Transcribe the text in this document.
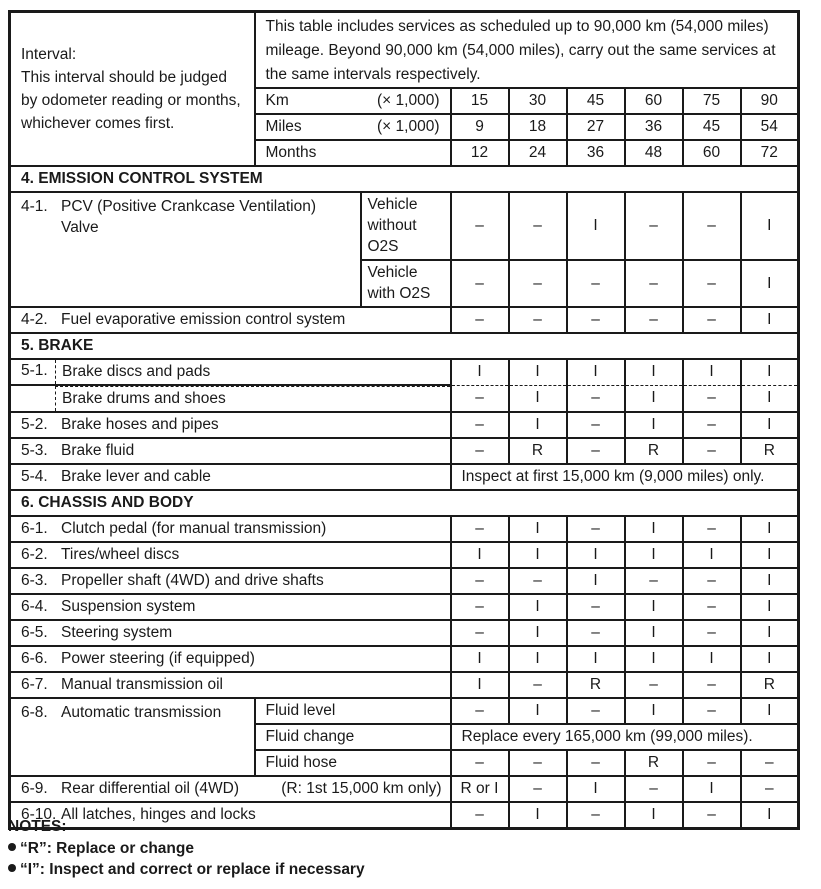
Interval:
This interval should be judged by odometer reading or months, whichever comes first.	This table includes services as scheduled up to 90,000 km (54,000 miles) mileage. Beyond 90,000 km (54,000 miles), carry out the same services at the same intervals respectively.							
	Km	(× 1,000)	15	30	45	60	75	90
	Miles	(× 1,000)	9	18	27	36	45	54
	Months		12	24	36	48	60	72
4. EMISSION CONTROL SYSTEM								
4-1. PCV (Positive Crankcase Ventilation)
Valve		Vehicle without O2S	–	–	I	–	–	I
		Vehicle with O2S	–	–	–	–	–	I
4-2. Fuel evaporative emission control system			–	–	–	–	–	I
5. BRAKE								

5-1. Brake discs and pads			I	I	I	I	I	I

Brake drums and shoes			–	I	–	I	–	I
5-2. Brake hoses and pipes			–	I	–	I	–	I
5-3. Brake fluid			–	R	–	R	–	R
5-4. Brake lever and cable			Inspect at first 15,000 km (9,000 miles) only.					
6. CHASSIS AND BODY								
6-1. Clutch pedal (for manual transmission)			–	I	–	I	–	I
6-2. Tires/wheel discs			I	I	I	I	I	I
6-3. Propeller shaft (4WD) and drive shafts			–	–	I	–	–	I
6-4. Suspension system			–	I	–	I	–	I
6-5. Steering system			–	I	–	I	–	I
6-6. Power steering (if equipped)			I	I	I	I	I	I
6-7. Manual transmission oil			I	–	R	–	–	R
6-8. Automatic transmission	Fluid level		–	I	–	I	–	I
	Fluid change		Replace every 165,000 km (99,000 miles).					
	Fluid hose		–	–	–	R	–	–
6-9. Rear differential oil (4WD)	(R: 1st 15,000 km only)		R or I	–	I	–	I	–
6-10. All latches, hinges and locks			–	I	–	I	–	I
NOTES:
“R”: Replace or change
“I”: Inspect and correct or replace if necessary
